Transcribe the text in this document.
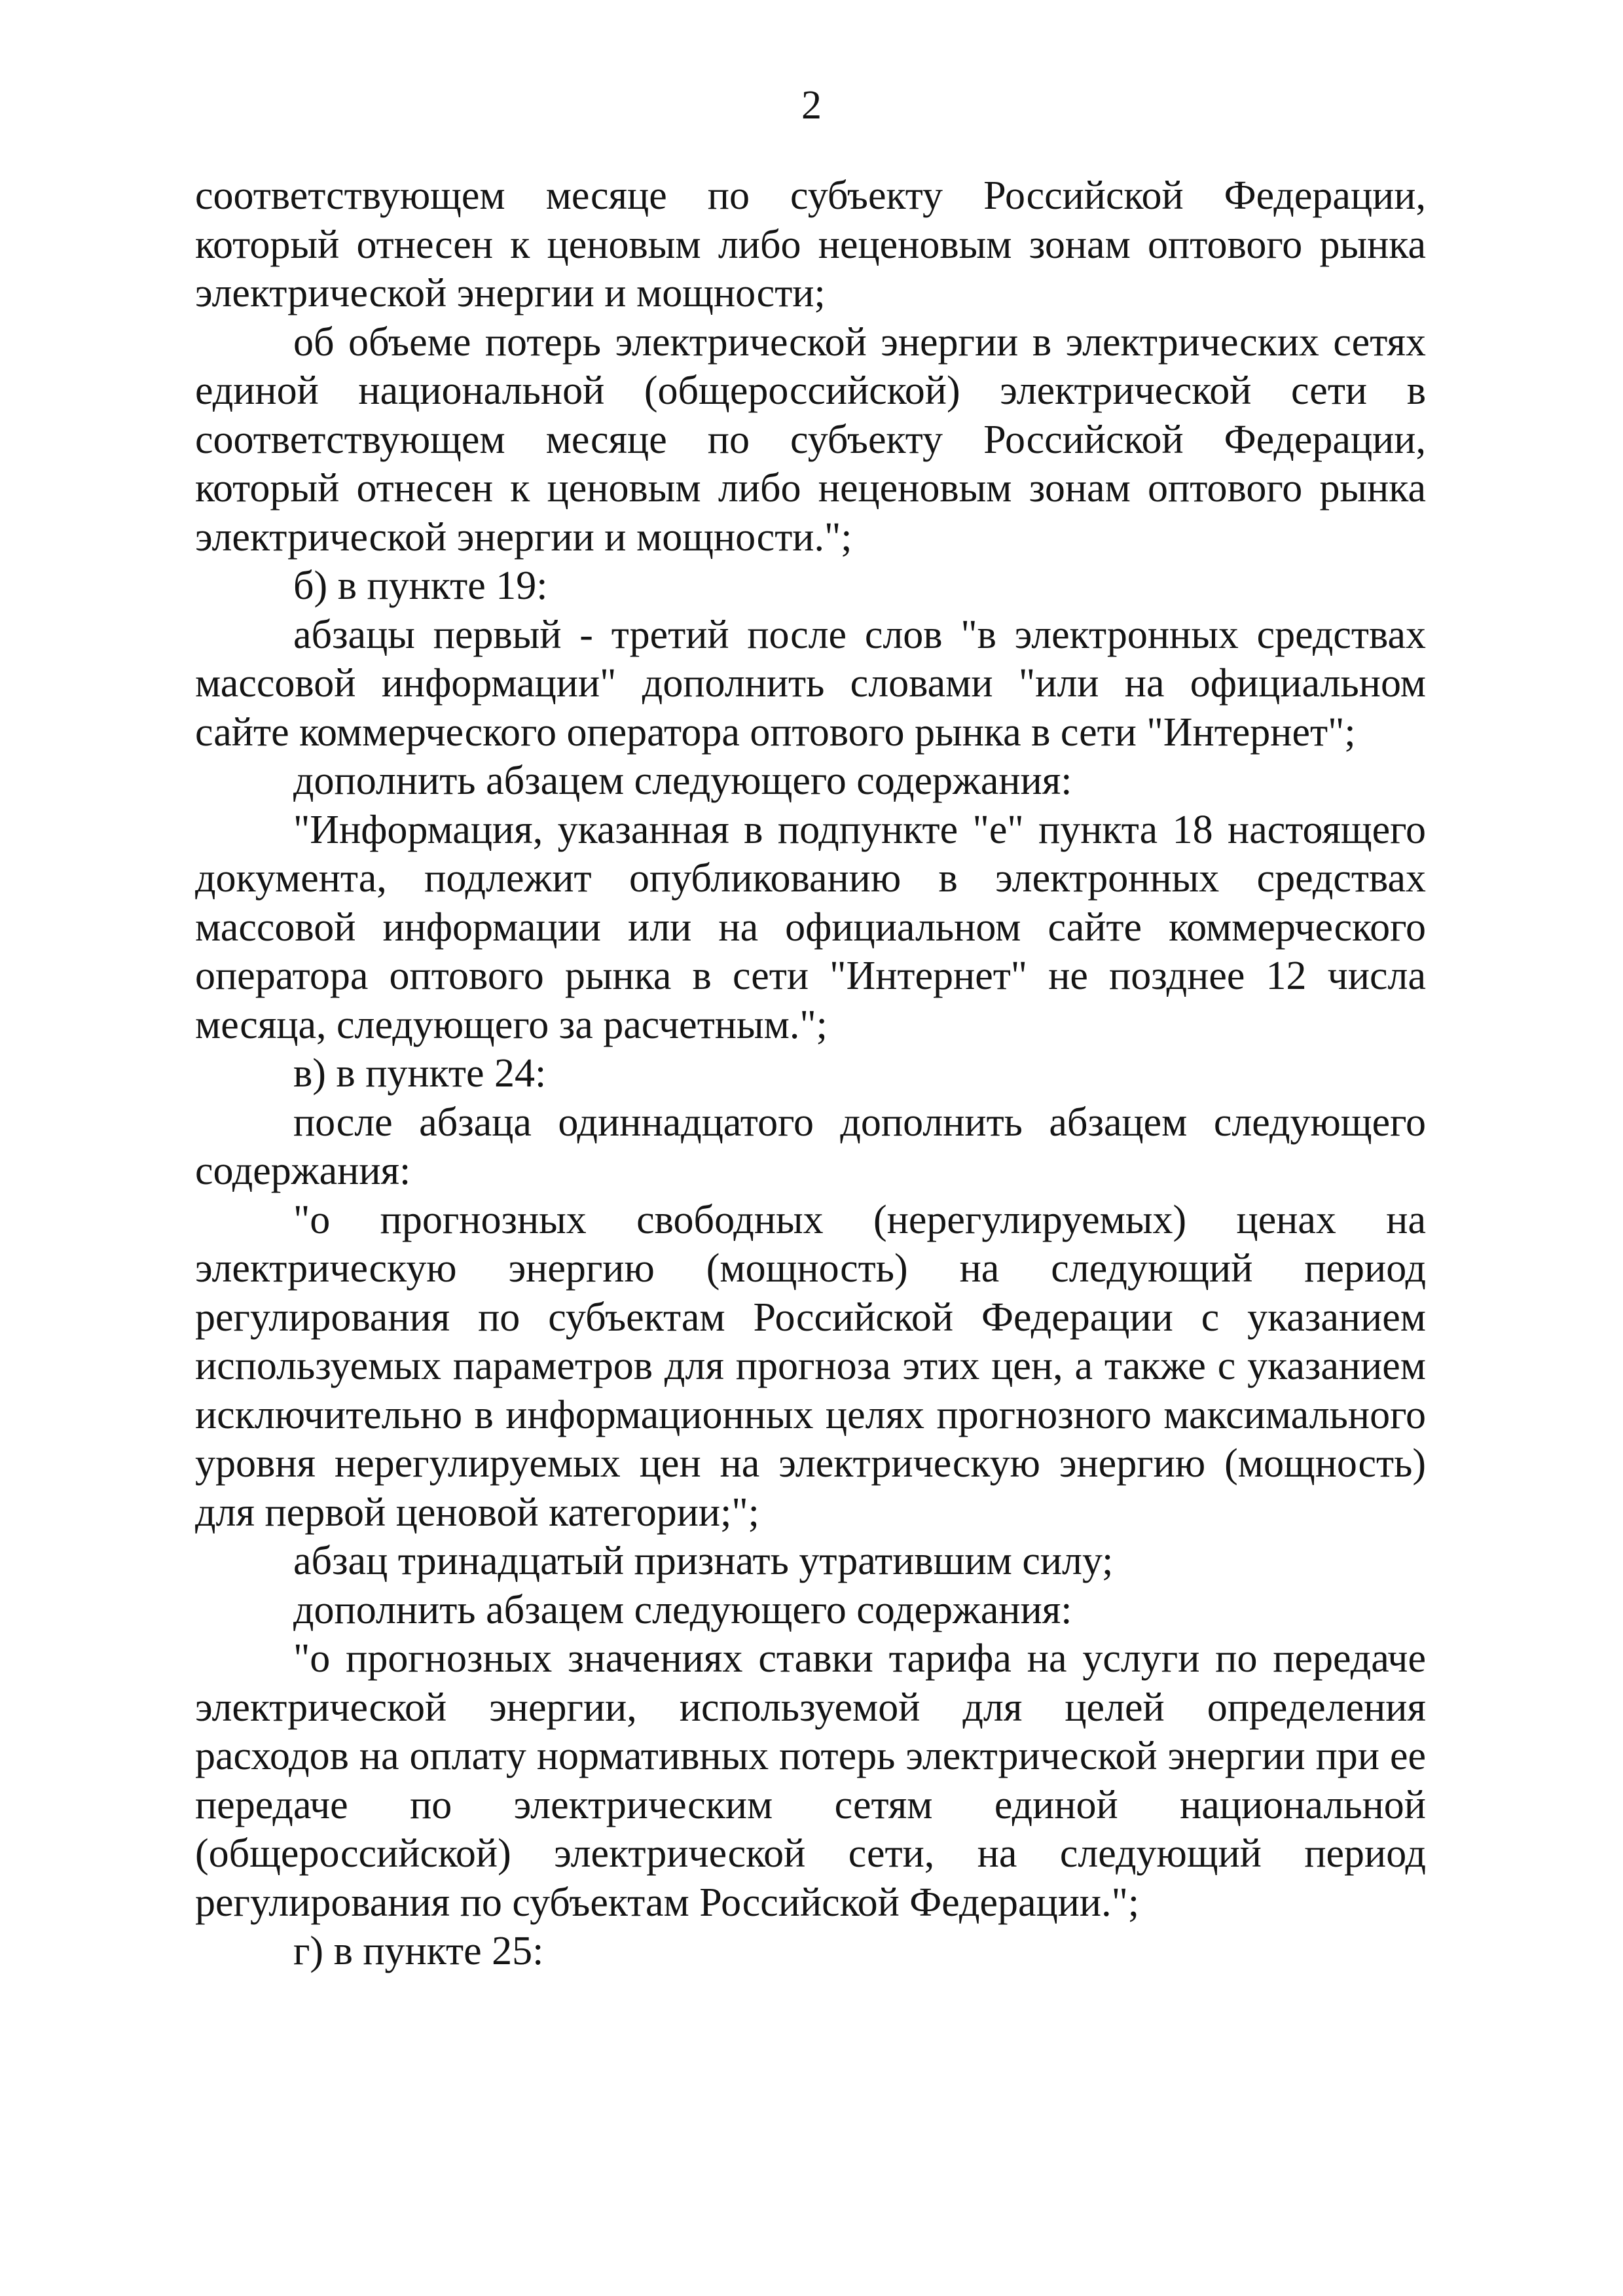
2

соответствующем месяце по субъекту Российской Федерации, который отнесен к ценовым либо неценовым зонам оптового рынка электрической энергии и мощности;

об объеме потерь электрической энергии в электрических сетях единой национальной (общероссийской) электрической сети в соответствующем месяце по субъекту Российской Федерации, который отнесен к ценовым либо неценовым зонам оптового рынка электрической энергии и мощности.";

б) в пункте 19:

абзацы первый - третий после слов "в электронных средствах массовой информации" дополнить словами "или на официальном сайте коммерческого оператора оптового рынка в сети "Интернет";

дополнить абзацем следующего содержания:

"Информация, указанная в подпункте "е" пункта 18 настоящего документа, подлежит опубликованию в электронных средствах массовой информации или на официальном сайте коммерческого оператора оптового рынка в сети "Интернет" не позднее 12 числа месяца, следующего за расчетным.";

в) в пункте 24:

после абзаца одиннадцатого дополнить абзацем следующего содержания:

"о прогнозных свободных (нерегулируемых) ценах на электрическую энергию (мощность) на следующий период регулирования по субъектам Российской Федерации с указанием используемых параметров для прогноза этих цен, а также с указанием исключительно в информационных целях прогнозного максимального уровня нерегулируемых цен на электрическую энергию (мощность) для первой ценовой категории;";

абзац тринадцатый признать утратившим силу;

дополнить абзацем следующего содержания:

"о прогнозных значениях ставки тарифа на услуги по передаче электрической энергии, используемой для целей определения расходов на оплату нормативных потерь электрической энергии при ее передаче по электрическим сетям единой национальной (общероссийской) электрической сети, на следующий период регулирования по субъектам Российской Федерации.";

г) в пункте 25:
